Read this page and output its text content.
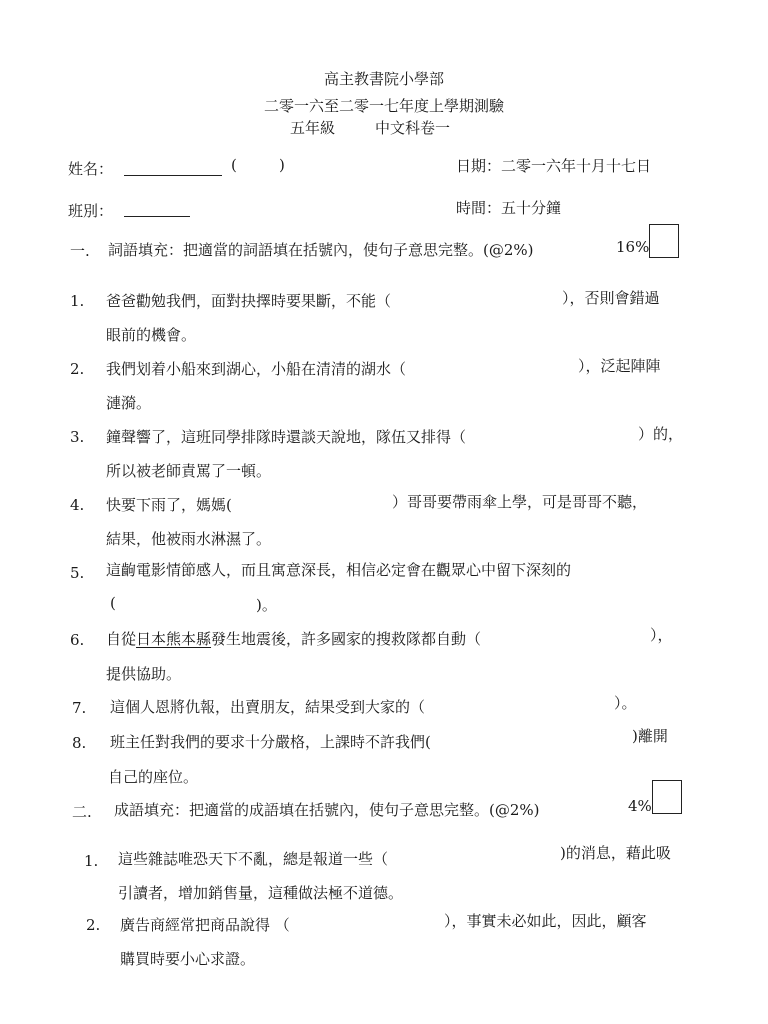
高主教書院小學部
二零一六至二零一七年度上學期測驗
五年級	中文科卷一
姓名：	(	)	日期：二零一六年十月十七日
班別：	時間：五十分鐘
一. 詞語填充：把適當的詞語填在括號內，使句子意思完整。(@2%)	16%
1. 爸爸勸勉我們，面對抉擇時要果斷，不能（	），否則會錯過
眼前的機會。
2. 我們划着小船來到湖心，小船在清清的湖水（	），泛起陣陣
漣漪。
3. 鐘聲響了，這班同學排隊時還談天說地，隊伍又排得（	）的，
所以被老師責罵了一頓。
4. 快要下雨了，媽媽(	）哥哥要帶雨傘上學，可是哥哥不聽，
結果，他被雨水淋濕了。
5. 這齣電影情節感人，而且寓意深長，相信必定會在觀眾心中留下深刻的
(	)。
6. 自從日本熊本縣發生地震後，許多國家的搜救隊都自動（	），
提供協助。
7. 這個人恩將仇報，出賣朋友，結果受到大家的（	）。
8. 班主任對我們的要求十分嚴格，上課時不許我們(	)離開
自己的座位。
二. 成語填充：把適當的成語填在括號內，使句子意思完整。(@2%)	4%
1. 這些雜誌唯恐天下不亂，總是報道一些（	)的消息，藉此吸
引讀者，增加銷售量，這種做法極不道德。
2. 廣告商經常把商品說得 （	），事實未必如此，因此，顧客
購買時要小心求證。
